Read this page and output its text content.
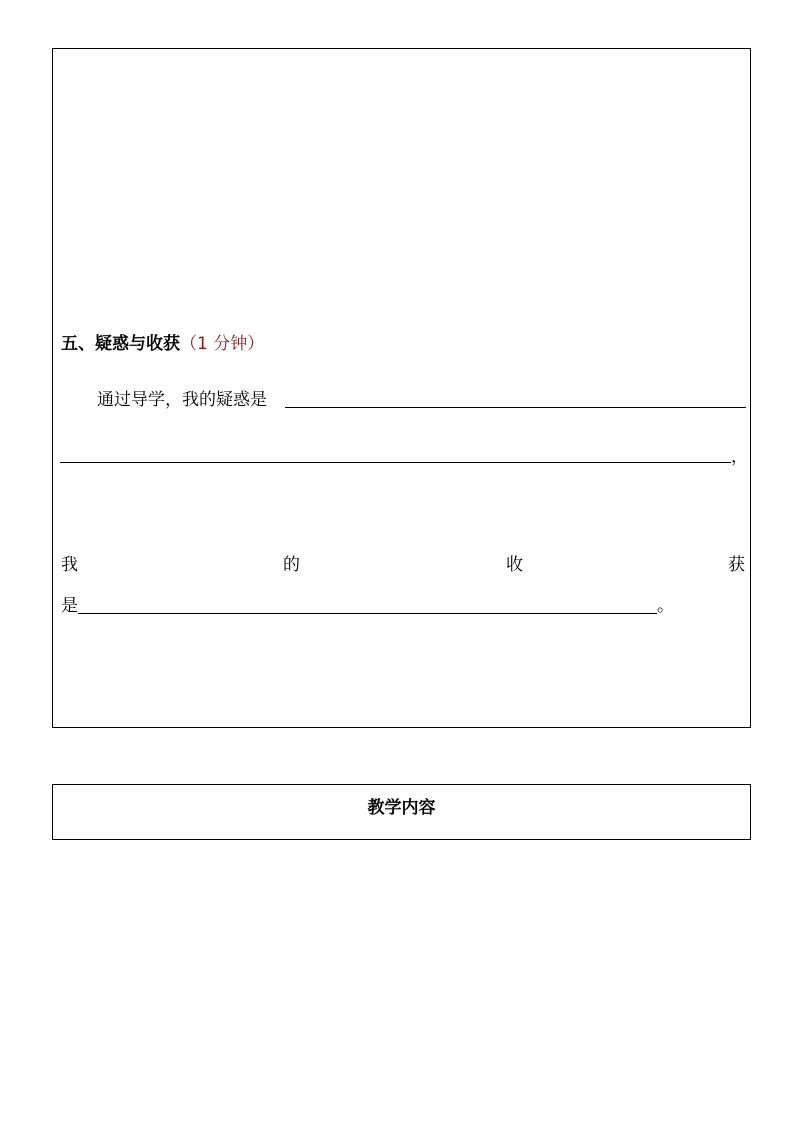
五、疑惑与收获（1 分钟）
通过导学，我的疑惑是
，
我	的	收	获
是	。
教学内容
